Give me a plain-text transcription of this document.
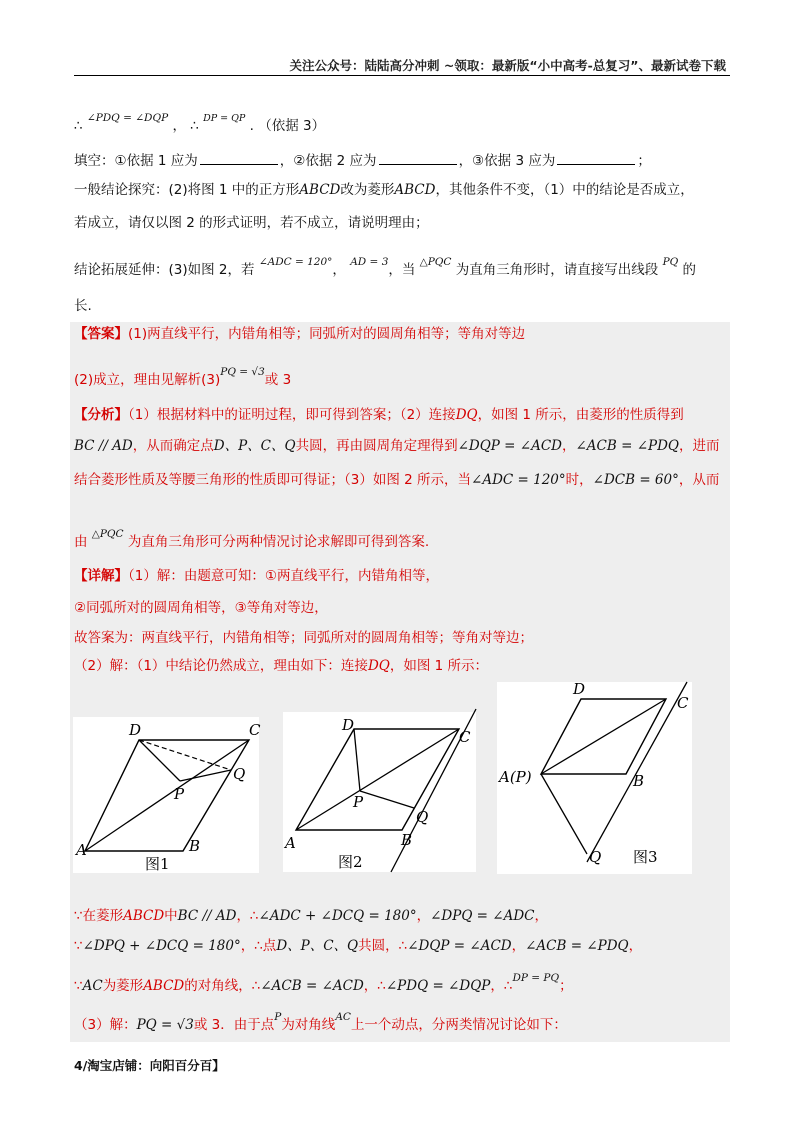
关注公众号：陆陆高分冲刺 ~领取：最新版“小中高考-总复习”、最新试卷下载
∴ $^{\angle PDQ = \angle DQP}$ ， ∴ $^{DP = QP}$ . （依据 3）
填空：①依据 1 应为	，②依据 2 应为	，③依据 3 应为	；
一般结论探究：(2)将图 1 中的正方形ABCD改为菱形ABCD，其他条件不变，（1）中的结论是否成立，
若成立，请仅以图 2 的形式证明，若不成立，请说明理由；
结论拓展延伸：(3)如图 2，若 $^{\angle ADC = 120^\circ}$， $^{AD = 3}$，当 $^{\triangle PQC}$ 为直角三角形时，请直接写出线段 $^{PQ}$ 的
长.
【答案】(1)两直线平行，内错角相等；同弧所对的圆周角相等；等角对等边
(2)成立，理由见解析$(3)^{PQ = √3}$或 3
【分析】（1）根据材料中的证明过程，即可得到答案；（2）连接DQ，如图 1 所示，由菱形的性质得到
BC // AD，从而确定点D、P、C、Q共圆，再由圆周角定理得到∠DQP = ∠ACD，∠ACB = ∠PDQ，进而
结合菱形性质及等腰三角形的性质即可得证；（3）如图 2 所示，当∠ADC = 120°时，∠DCB = 60°，从而
由 $^{\triangle PQC}$ 为直角三角形可分两种情况讨论求解即可得到答案.
【详解】（1）解：由题意可知：①两直线平行，内错角相等，
②同弧所对的圆周角相等，③等角对等边，
故答案为：两直线平行，内错角相等；同弧所对的圆周角相等；等角对等边；
（2）解：（1）中结论仍然成立，理由如下：连接DQ，如图 1 所示：
D	C
Q
P
A	B
图1
D
C
P
Q
A	B
图2
D
C
A(P)	B
Q 图3
∵在菱形ABCD中BC // AD，∴∠ADC + ∠DCQ = 180°，∠DPQ = ∠ADC，
∵∠DPQ + ∠DCQ = 180°，∴点D、P、C、Q共圆，∴∠DQP = ∠ACD，∠ACB = ∠PDQ，
∵AC为菱形ABCD的对角线，∴∠ACB = ∠ACD，∴∠PDQ = ∠DQP，∴$^{DP = PQ}$；
（3）解：PQ = √3或 3．由于点$^P$为对角线$^{AC}$上一个动点，分两类情况讨论如下：
4/淘宝店铺：向阳百分百】
